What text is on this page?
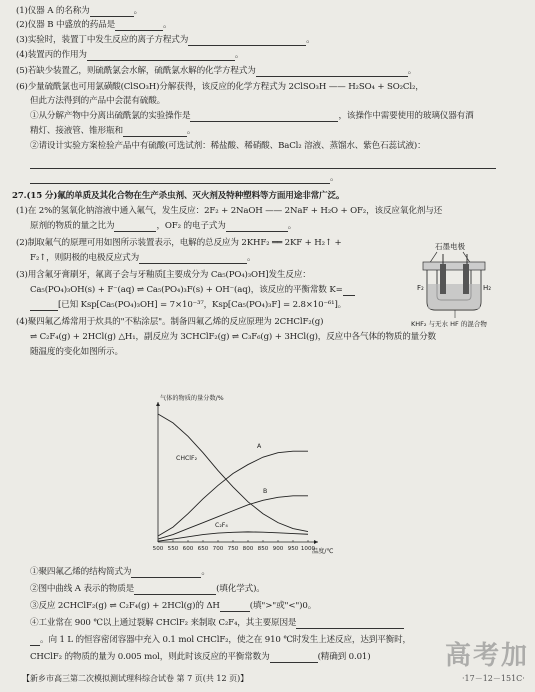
(1)仪器 A 的名称为	。
(2)仪器 B 中盛放的药品是	。
(3)实验时，装置丁中发生反应的离子方程式为	。
(4)装置丙的作用为	。
(5)若缺少装置乙，则硫酰氯会水解，硫酰氯水解的化学方程式为	。
(6)少量硫酰氯也可用氯磺酸(ClSO₃H)分解获得，该反应的化学方程式为 2ClSO₃H —— H₂SO₄ + SO₂Cl₂，
但此方法得到的产品中会混有硫酸。
①从分解产物中分离出硫酰氯的实验操作是	，该操作中需要使用的玻璃仪器有酒
精灯、接液管、锥形瓶和	。
②请设计实验方案检验产品中有硫酸(可选试剂：稀盐酸、稀硝酸、BaCl₂ 溶液、蒸馏水、紫色石蕊试液)：
。
27.(15 分)氟的单质及其化合物在生产杀虫剂、灭火剂及特种塑料等方面用途非常广泛。
(1)在 2%的氢氧化钠溶液中通入氟气，发生反应：2F₂ + 2NaOH —— 2NaF + H₂O + OF₂，该反应氧化剂与还
原剂的物质的量之比为	，OF₂ 的电子式为	。
(2)制取氟气的原理可用如图所示装置表示，电解的总反应为 2KHF₂ ══ 2KF + H₂↑ +
F₂↑，则阴极的电极反应式为	。
(3)用含氟牙膏刷牙，氟离子会与牙釉质[主要成分为 Ca₅(PO₄)₃OH]发生反应：
Ca₅(PO₄)₃OH(s) + F⁻(aq) ⇌ Ca₅(PO₄)₃F(s) + OH⁻(aq)，该反应的平衡常数 K=
[已知 Ksp[Ca₅(PO₄)₃OH] = 7×10⁻³⁷，Ksp[Ca₅(PO₄)₃F] = 2.8×10⁻⁶¹]。
(4)聚四氟乙烯常用于炊具的"不粘涂层"。制备四氟乙烯的反应原理为 2CHClF₂(g)
⇌ C₂F₄(g) + 2HCl(g) △H₁，副反应为 3CHClF₂(g) ⇌ C₃F₆(g) + 3HCl(g)，反应中各气体的物质的量分数
随温度的变化如图所示。
石墨电极
F₂	H₂
KHF₂ 与无水 HF 的混合物
气体的物质的量分数/%
温度/℃
500 550 600 650 700 750 800 850 900 950 1000
CHClF₂
A
B
C₂F₄
①聚四氟乙烯的结构简式为	。
②图中曲线 A 表示的物质是	(填化学式)。
③反应 2CHClF₂(g) ⇌ C₂F₄(g) + 2HCl(g)的 ΔH	(填">"或"<")0。
④工业常在 900 ℃以上通过裂解 CHClF₂ 来制取 C₂F₄，其主要原因是
。向 1 L 的恒容密闭容器中充入 0.1 mol CHClF₂，使之在 910 ℃时发生上述反应，达到平衡时，
CHClF₂ 的物质的量为 0.005 mol，则此时该反应的平衡常数为	(精确到 0.01)
【新乡市高三第二次模拟测试理科综合试卷 第 7 页(共 12 页)】	·17－12－151C·
高考加
